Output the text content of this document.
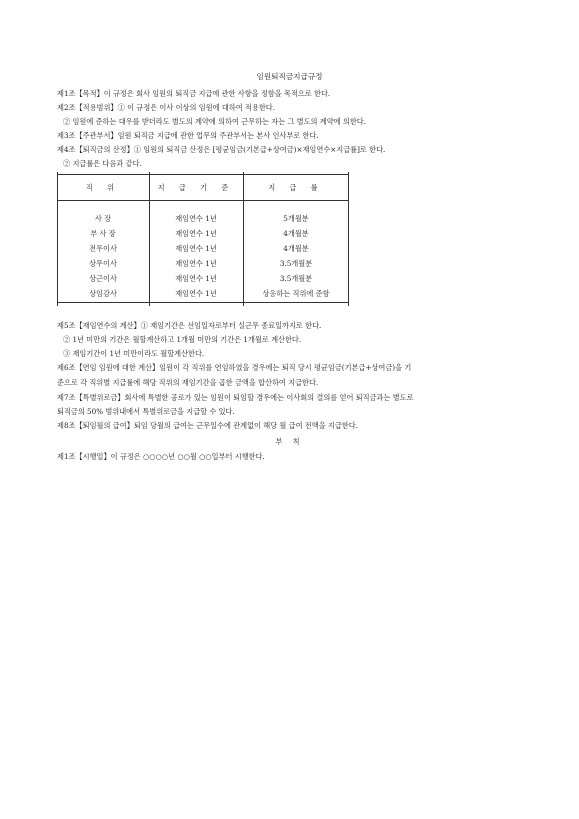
임원퇴직금지급규정
제1조【목적】이 규정은 회사 임원의 퇴직금 지급에 관한 사항을 정함을 목적으로 한다.
제2조【적용범위】① 이 규정은 이사 이상의 임원에 대하여 적용한다.
② 임원에 준하는 대우를 받더라도 별도의 계약에 의하여 근무하는 자는 그 별도의 계약에 의한다.
제3조【주관부서】임원 퇴직금 지급에 관한 업무의 주관부서는 본사 인사부로 한다.
제4조【퇴직금의 산정】① 임원의 퇴직금 산정은 [평균임금(기본급+상여금)×재임연수×지급률]로 한다.
② 지급률은 다음과 같다.
직 위	지 급 기 준	지 급 률
사 장	재임연수 1년	5개월분
부 사 장	재임연수 1년	4개월분
전무이사	재임연수 1년	4개월분
상무이사	재임연수 1년	3.5개월분
상근이사	재임연수 1년	3.5개월분
상임감사	재임연수 1년	상응하는 직위에 준함
제5조【재임연수의 계산】① 재임기간은 선임일자로부터 실근무 종료일까지로 한다.
② 1년 미만의 기간은 월할계산하고 1개월 미만의 기간은 1개월로 계산한다.
③ 재임기간이 1년 미만이라도 월할계산한다.
제6조【연임 임원에 대한 계산】임원이 각 직위를 연임하였을 경우에는 퇴직 당시 평균임금(기본급+상여금)을 기
준으로 각 직위별 지급률에 해당 직위의 재임기간을 곱한 금액을 합산하여 지급한다.
제7조【특별위로금】회사에 특별한 공로가 있는 임원이 퇴임할 경우에는 이사회의 결의를 얻어 퇴직금과는 별도로
퇴직금의 50% 범위내에서 특별위로금을 지급할 수 있다.
제8조【퇴임월의 급여】퇴임 당월의 급여는 근무일수에 관계없이 해당 월 급여 전액을 지급한다.
부 칙
제1조【시행일】이 규정은 ○○○○년 ○○월 ○○일부터 시행한다.
